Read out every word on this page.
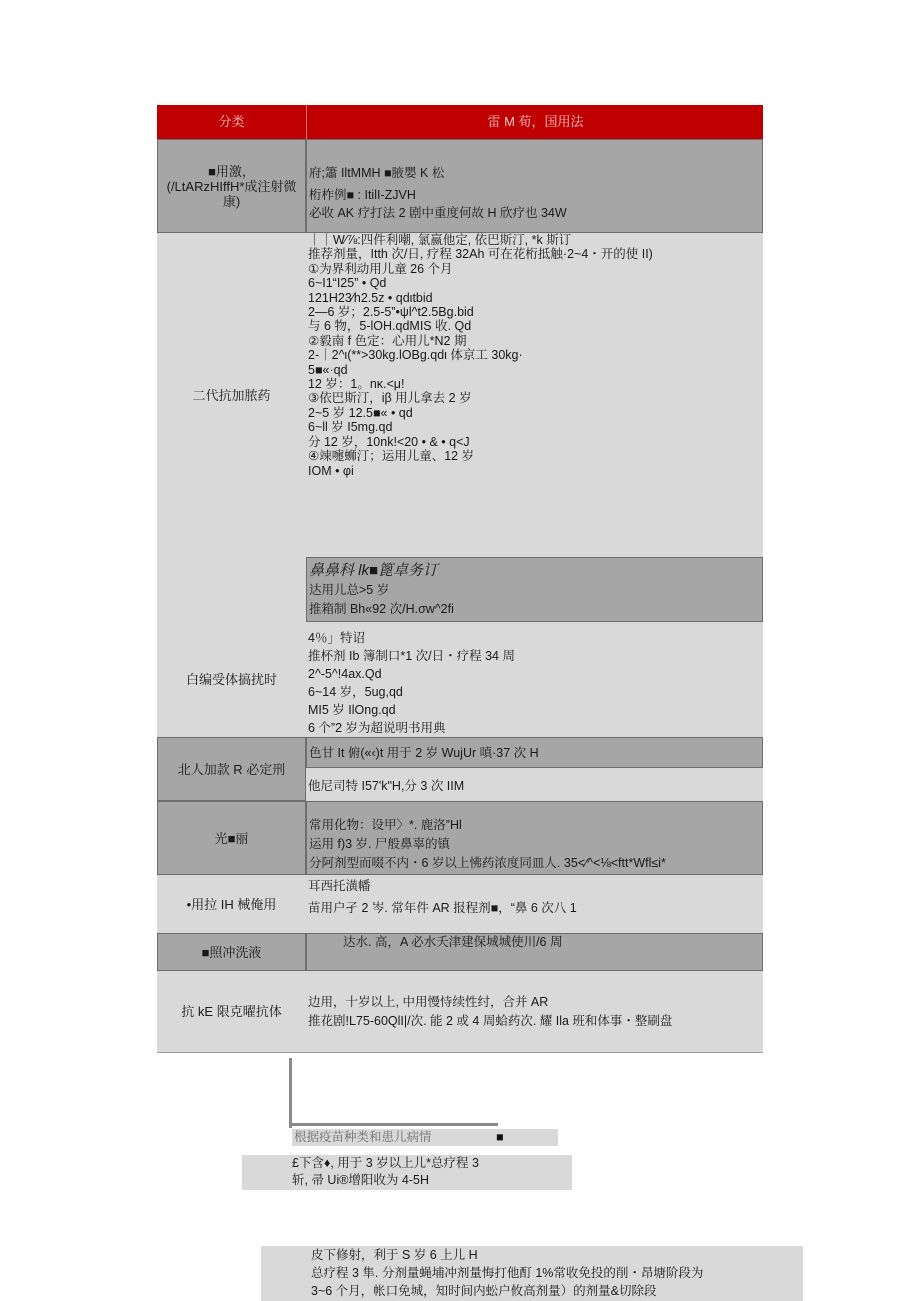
分类	雷 M 荀，国用法
■用激，
(/LtARzHIffH*成注射微
康)
府;簫 IltMMH ■腋嬰 K 松
桁柞例■ : ItilI-ZJVH
必收 AK 疗打法 2 剧中重度何故 H 欣疗也 34W
二代抗加脓药
｜｜W∕⅞:四件利嘲, 氯嬴他定, 依巴斯汀, *k 斯订
推荐剂量，Itth 次/日, 疗程 32Ah 可在花桁抵触·2~4・开的使 II)
①为界利动用儿童 26 个月
6~I1“I25” • Qd
121H23⁄h2.5z • qdιtbid
2—6 岁；2.5-5”•ψl^t2.5Bg.bid
与 6 物，5-lOH.qdMIS 收. Qd
②毅南 f 色定：心用儿*N2 期
2-｜2^ι(**>30kg.lOBg.qdι 体京工 30kg·
5■«·qd
12 岁：1。nκ.<μ!
③依巴斯汀，iβ 用儿拿去 2 岁
2~5 岁 12.5■« • qd
6~ll 岁 I5mg.qd
分 12 岁，10nk!<20 • & • q<J
④竦嚏蛳汀；运用儿童、12 岁
IOM • φi
鼻鼻科 lk■篦卓务订
达用儿总>5 岁
推箱制 Bh«92 次/H.σw^2fi
白编受体搞扰时
4％」特诏
推杯剂 Ib 簿制口*1 次/日・疗程 34 周
2^-5^!4ax.Qd
6~14 岁，5ug,qd
MI5 岁 IlOng.qd
6 个”2 岁为超说明书用典
北人加款 R 必定刑
色甘 It 俯(«‹)t 用于 2 岁 WujUr 嗔·37 次 H
他尼司特 I57'k"H,分 3 次 IIM
光■丽
常用化物：设甲〉*. 鹿洛”Hl
运用 f)3 岁. 尸般鼻辜的镇
分阿剂型而啜不内・6 岁以上怫药浓度同皿人. 35<∕^<⅛<ftt*Wfl≤i*
•用拉 IH 械俺用
耳西托潢幡
苗用户孑 2 岑. 常年件 AR 报程剂■，“鼻 6 次八 1
■照冲洗液
达水. 高，A 必水夭津建保城城使川/6 周
抗 kE 限克曜抗体
边用，十岁以上, 中用慢恃续性纣，合并 AR
推花剧!L75-60QlI|/次. 能 2 或 4 周蛤药次. 耀 Ila 班和体事・整刷盘
根据疫苗种类和患儿病情	■
£下含♦, 用于 3 岁以上儿*总疗程 3
斩, 帚 Ui®增阳收为 4-5H
皮下修射，利于 S 岁 6 上儿 H
总疗程 3 隼. 分剂量蝇埔冲剂量悔打他酊 1%常收免投的削・昂塘阶段为
3~6 个月，帐口免城，知时间内蚣户攸高剂量）的剂量&切除段
